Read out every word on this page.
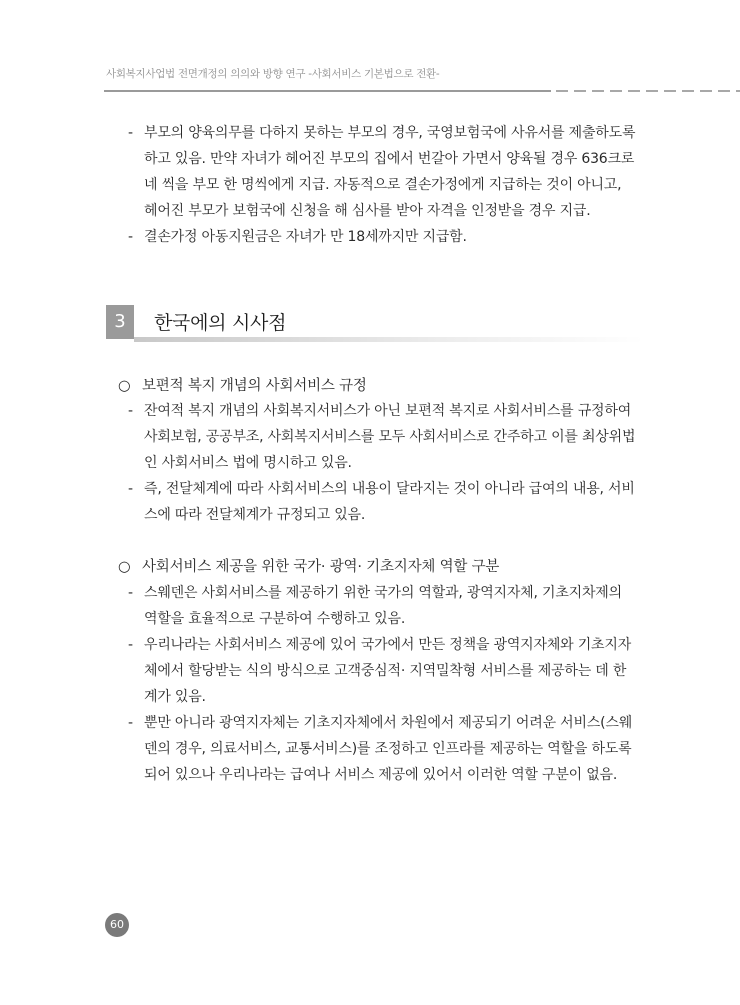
사회복지사업법 전면개정의 의의와 방향 연구 -사회서비스 기본법으로 전환-
- 부모의 양육의무를 다하지 못하는 부모의 경우, 국영보험국에 사유서를 제출하도록 하고 있음. 만약 자녀가 헤어진 부모의 집에서 번갈아 가면서 양육될 경우 636크로네 씩을 부모 한 명씩에게 지급. 자동적으로 결손가정에게 지급하는 것이 아니고, 헤어진 부모가 보험국에 신청을 해 심사를 받아 자격을 인정받을 경우 지급.
- 결손가정 아동지원금은 자녀가 만 18세까지만 지급함.
3	한국에의 시사점
○ 보편적 복지 개념의 사회서비스 규정
- 잔여적 복지 개념의 사회복지서비스가 아닌 보편적 복지로 사회서비스를 규정하여 사회보험, 공공부조, 사회복지서비스를 모두 사회서비스로 간주하고 이를 최상위법인 사회서비스 법에 명시하고 있음.
- 즉, 전달체계에 따라 사회서비스의 내용이 달라지는 것이 아니라 급여의 내용, 서비스에 따라 전달체계가 규정되고 있음.
○ 사회서비스 제공을 위한 국가· 광역· 기초지자체 역할 구분
- 스웨덴은 사회서비스를 제공하기 위한 국가의 역할과, 광역지자체, 기초지차제의 역할을 효율적으로 구분하여 수행하고 있음.
- 우리나라는 사회서비스 제공에 있어 국가에서 만든 정책을 광역지자체와 기초지자체에서 할당받는 식의 방식으로 고객중심적· 지역밀착형 서비스를 제공하는 데 한계가 있음.
- 뿐만 아니라 광역지자체는 기초지자체에서 차원에서 제공되기 어려운 서비스(스웨덴의 경우, 의료서비스, 교통서비스)를 조정하고 인프라를 제공하는 역할을 하도록 되어 있으나 우리나라는 급여나 서비스 제공에 있어서 이러한 역할 구분이 없음.
60
